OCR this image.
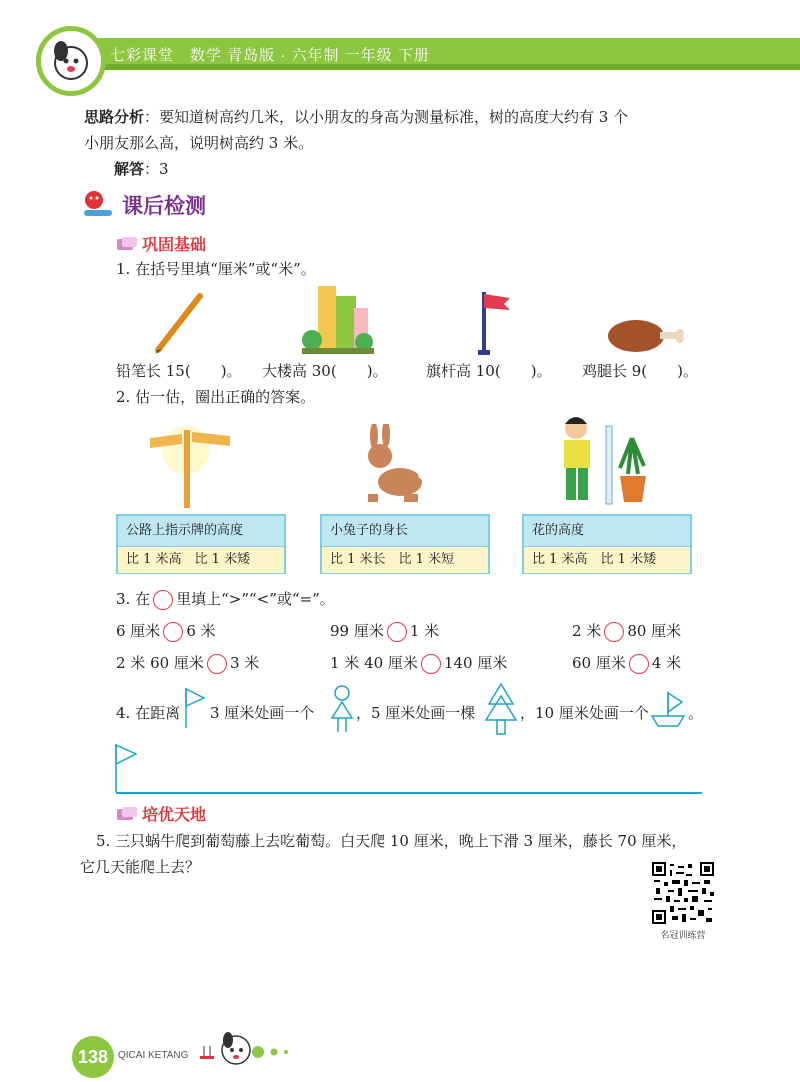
七彩课堂　数学 青岛版 · 六年制 一年级 下册
思路分析：要知道树高约几米，以小朋友的身高为测量标准，树的高度大约有 3 个
小朋友那么高，说明树高约 3 米。
解答：3
课后检测
巩固基础
1. 在括号里填“厘米”或“米”。
铅笔长 15(　　)。 大楼高 30(　　)。	旗杆高 10(　　)。 鸡腿长 9(　　)。
2. 估一估，圈出正确的答案。
公路上指示牌的高度
比 1 米高　比 1 米矮
小兔子的身长
比 1 米长　比 1 米短
花的高度
比 1 米高　比 1 米矮
3. 在 里填上“>”“<”或“=”。
6 厘米 6 米	99 厘米 1 米	2 米 80 厘米
2 米 60 厘米 3 米	1 米 40 厘米 140 厘米	60 厘米 4 米
4. 在距离 3 厘米处画一个	，5 厘米处画一棵	，10 厘米处画一个	。
培优天地
5. 三只蜗牛爬到葡萄藤上去吃葡萄。白天爬 10 厘米，晚上下滑 3 厘米，藤长 70 厘米，
它几天能爬上去？
名冠训练营
138 QICAI KETANG
